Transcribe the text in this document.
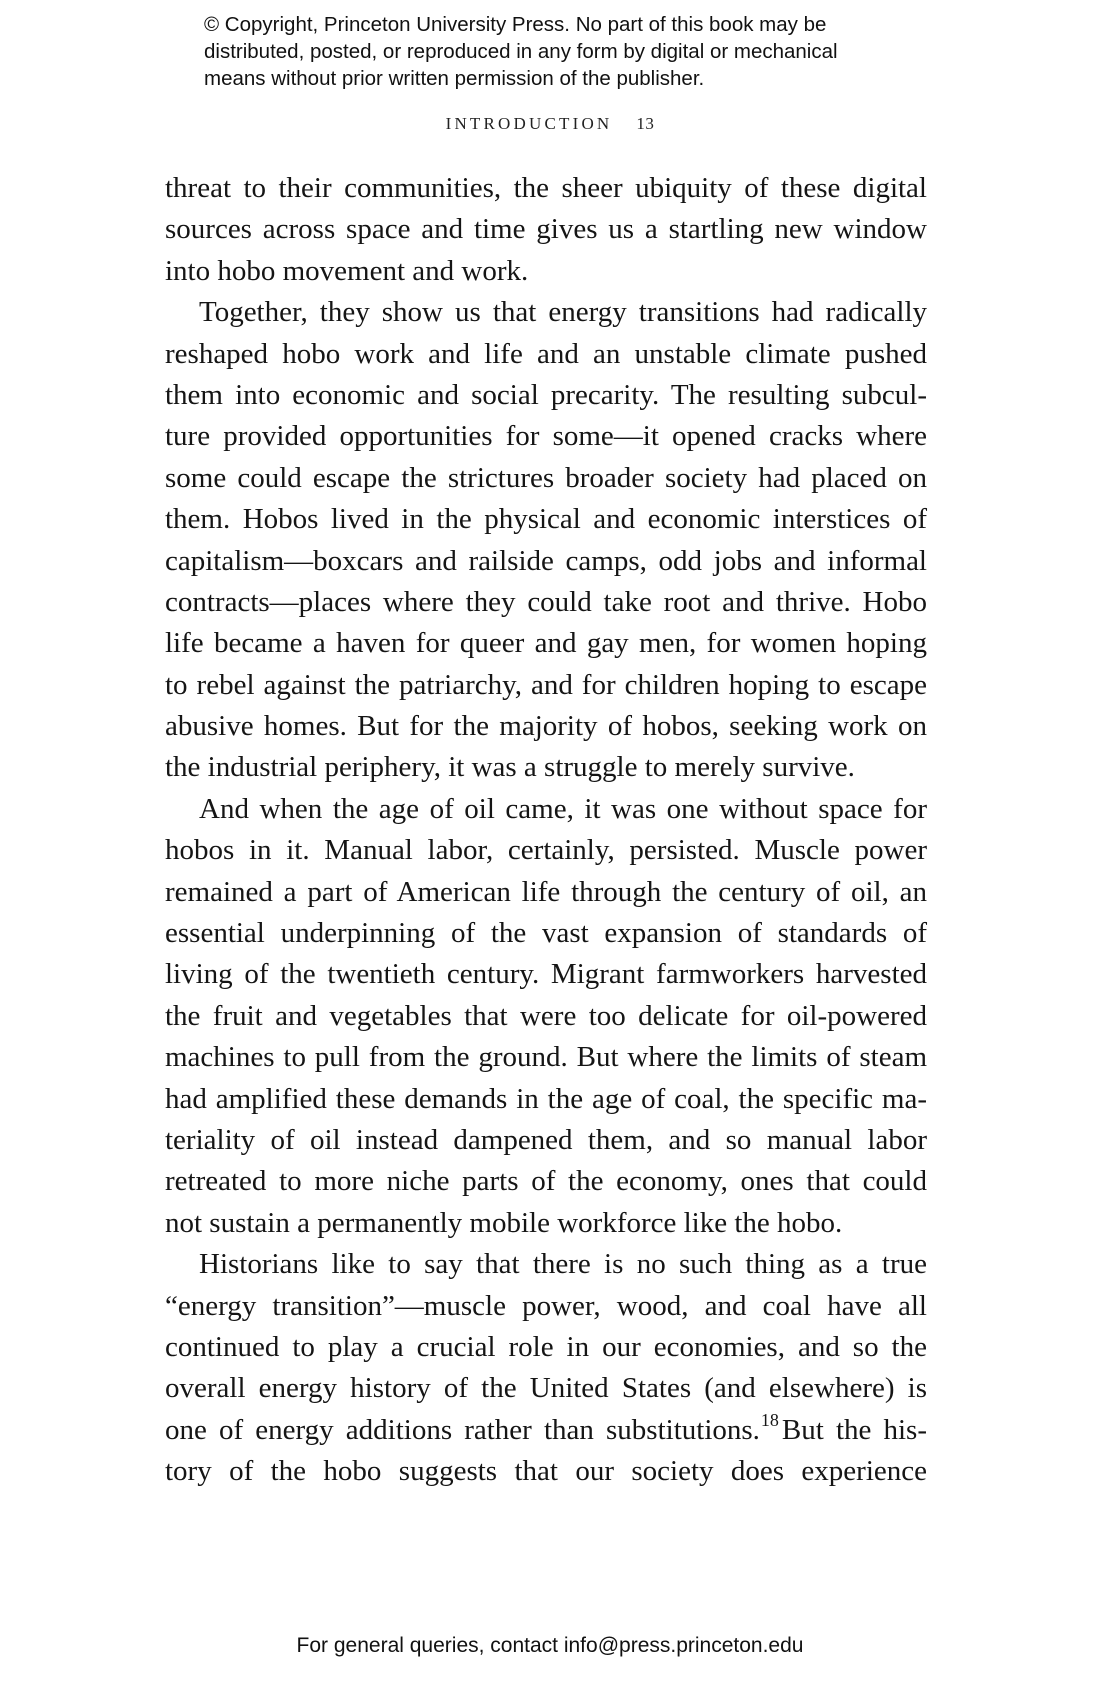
© Copyright, Princeton University Press. No part of this book may be
distributed, posted, or reproduced in any form by digital or mechanical
means without prior written permission of the publisher.
INTRODUCTION 13
threat to their communities, the sheer ubiquity of these digital
sources across space and time gives us a startling new window
into hobo movement and work.
Together, they show us that energy transitions had radically
reshaped hobo work and life and an unstable climate pushed
them into economic and social precarity. The resulting subcul-
ture provided opportunities for some—it opened cracks where
some could escape the strictures broader society had placed on
them. Hobos lived in the physical and economic interstices of
capitalism—boxcars and railside camps, odd jobs and informal
contracts—places where they could take root and thrive. Hobo
life became a haven for queer and gay men, for women hoping
to rebel against the patriarchy, and for children hoping to escape
abusive homes. But for the majority of hobos, seeking work on
the industrial periphery, it was a struggle to merely survive.
And when the age of oil came, it was one without space for
hobos in it. Manual labor, certainly, persisted. Muscle power
remained a part of American life through the century of oil, an
essential underpinning of the vast expansion of standards of
living of the twentieth century. Migrant farmworkers harvested
the fruit and vegetables that were too delicate for oil-powered
machines to pull from the ground. But where the limits of steam
had amplified these demands in the age of coal, the specific ma-
teriality of oil instead dampened them, and so manual labor
retreated to more niche parts of the economy, ones that could
not sustain a permanently mobile workforce like the hobo.
Historians like to say that there is no such thing as a true
“energy transition”—muscle power, wood, and coal have all
continued to play a crucial role in our economies, and so the
overall energy history of the United States (and elsewhere) is
one of energy additions rather than substitutions.$^{18}$ But the his-
tory of the hobo suggests that our society does experience
For general queries, contact info@press.princeton.edu
